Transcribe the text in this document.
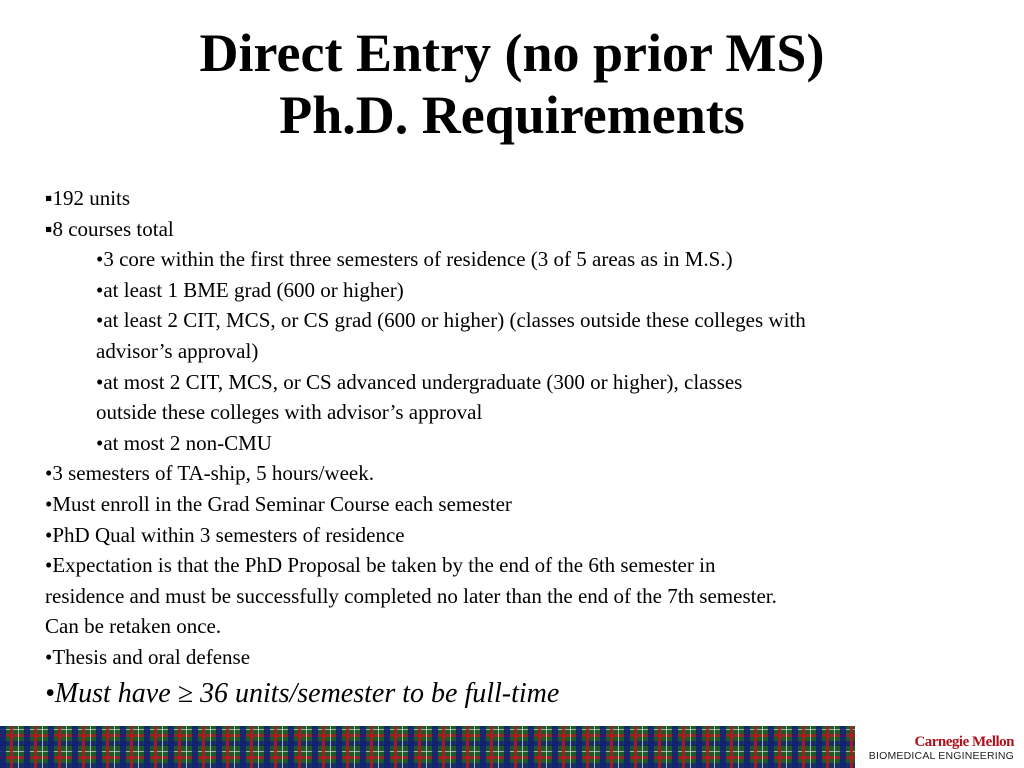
Direct Entry (no prior MS)
Ph.D. Requirements
▪192 units
▪8 courses total
•3 core within the first three semesters of residence (3 of 5 areas as in M.S.)
•at least 1 BME grad (600 or higher)
•at least 2 CIT, MCS, or CS grad (600 or higher) (classes outside these colleges with
advisor’s approval)
•at most 2 CIT, MCS, or CS advanced undergraduate (300 or higher), classes
outside these colleges with advisor’s approval
•at most 2 non-CMU
•3 semesters of TA-ship, 5 hours/week.
•Must enroll in the Grad Seminar Course each semester
•PhD Qual within 3 semesters of residence
•Expectation is that the PhD Proposal be taken by the end of the 6th semester in
residence and must be successfully completed no later than the end of the 7th semester.
Can be retaken once.
•Thesis and oral defense
•Must have ≥ 36 units/semester to be full-time
Carnegie Mellon
BIOMEDICAL ENGINEERING
